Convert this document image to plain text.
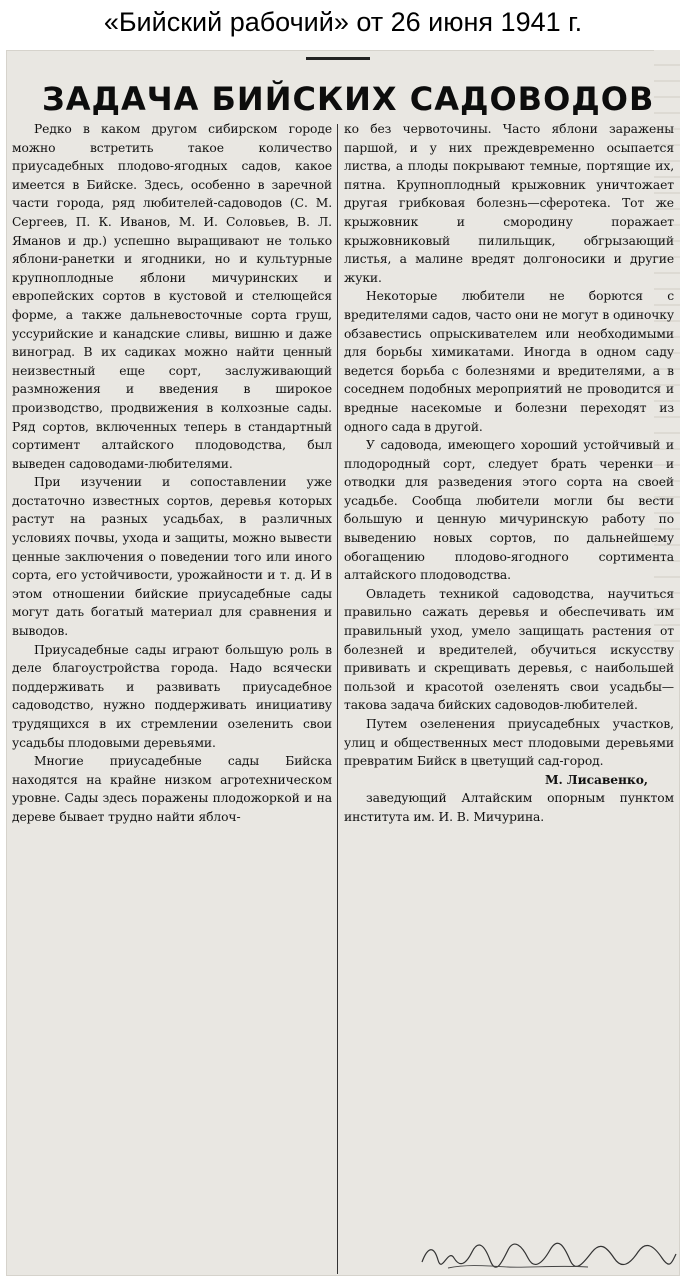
«Бийский рабочий» от 26 июня 1941 г.
ЗАДАЧА БИЙСКИХ САДОВОДОВ

Редко в каком другом сибирском городе можно встретить такое количество приусадебных плодово-ягодных садов, какое имеется в Бийске. Здесь, особенно в заречной части города, ряд любителей-садоводов (С. М. Сергеев, П. К. Иванов, М. И. Соловьев, В. Л. Яманов и др.) успешно выращивают не только яблони-ранетки и ягодники, но и культурные крупноплодные яблони мичуринских и европейских сортов в кустовой и стелющейся форме, а также дальневосточные сорта груш, уссурийские и канадские сливы, вишню и даже виноград. В их садиках можно найти ценный неизвестный еще сорт, заслуживающий размножения и введения в широкое производство, продвижения в колхозные сады. Ряд сортов, включенных теперь в стандартный сортимент алтайского плодоводства, был выведен садоводами-любителями.

При изучении и сопоставлении уже достаточно известных сортов, деревья которых растут на разных усадьбах, в различных условиях почвы, ухода и защиты, можно вывести ценные заключения о поведении того или иного сорта, его устойчивости, урожайности и т. д. И в этом отношении бийские приусадебные сады могут дать богатый материал для сравнения и выводов.

Приусадебные сады играют большую роль в деле благоустройства города. Надо всячески поддерживать и развивать приусадебное садоводство, нужно поддерживать инициативу трудящихся в их стремлении озеленить свои усадьбы плодовыми деревьями.

Многие приусадебные сады Бийска находятся на крайне низком агротехническом уровне. Сады здесь поражены плодожоркой и на дереве бывает трудно найти яблоч-

ко без червоточины. Часто яблони заражены паршой, и у них преждевременно осыпается листва, а плоды покрывают темные, портящие их, пятна. Крупноплодный крыжовник уничтожает другая грибковая болезнь—сферотека. Тот же крыжовник и смородину поражает крыжовниковый пилильщик, обгрызающий листья, а малине вредят долгоносики и другие жуки.

Некоторые любители не борются с вредителями садов, часто они не могут в одиночку обзавестись опрыскивателем или необходимыми для борьбы химикатами. Иногда в одном саду ведется борьба с болезнями и вредителями, а в соседнем подобных мероприятий не проводится и вредные насекомые и болезни переходят из одного сада в другой.

У садовода, имеющего хороший устойчивый и плодородный сорт, следует брать черенки и отводки для разведения этого сорта на своей усадьбе. Сообща любители могли бы вести большую и ценную мичуринскую работу по выведению новых сортов, по дальнейшему обогащению плодово-ягодного сортимента алтайского плодоводства.

Овладеть техникой садоводства, научиться правильно сажать деревья и обеспечивать им правильный уход, умело защищать растения от болезней и вредителей, обучиться искусству прививать и скрещивать деревья, с наибольшей пользой и красотой озеленять свои усадьбы—такова задача бийских садоводов-любителей.

Путем озеленения приусадебных участков, улиц и общественных мест плодовыми деревьями превратим Бийск в цветущий сад-город.

М. Лисавенко,

заведующий Алтайским опорным пунктом института им. И. В. Мичурина.
